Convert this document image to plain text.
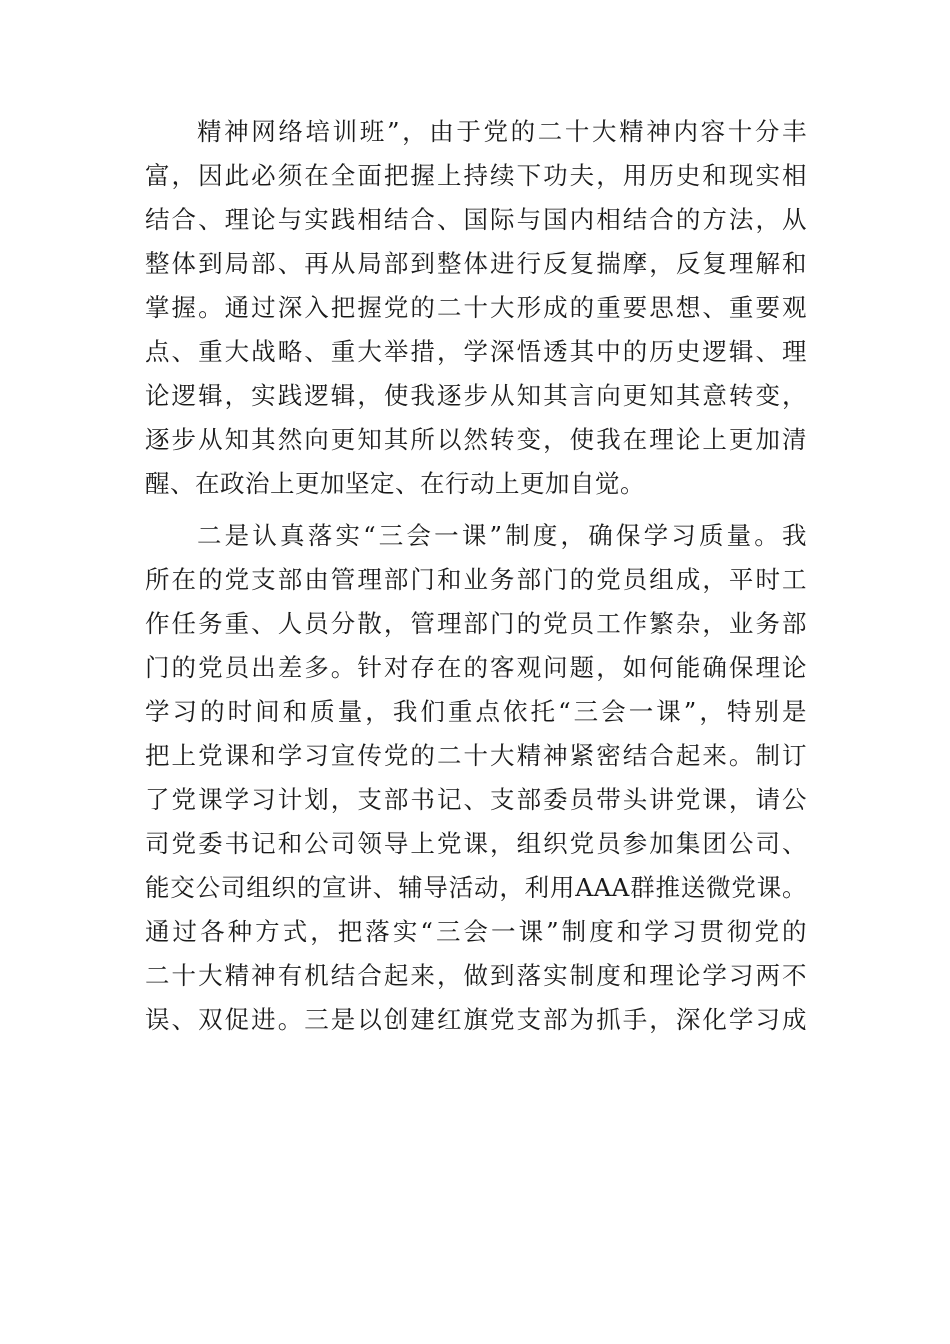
精神网络培训班”，由于党的二十大精神内容十分丰
富，因此必须在全面把握上持续下功夫，用历史和现实相
结合、理论与实践相结合、国际与国内相结合的方法，从
整体到局部、再从局部到整体进行反复揣摩，反复理解和
掌握。通过深入把握党的二十大形成的重要思想、重要观
点、重大战略、重大举措，学深悟透其中的历史逻辑、理
论逻辑，实践逻辑，使我逐步从知其言向更知其意转变，
逐步从知其然向更知其所以然转变，使我在理论上更加清
醒、在政治上更加坚定、在行动上更加自觉。
二是认真落实“三会一课”制度，确保学习质量。我
所在的党支部由管理部门和业务部门的党员组成，平时工
作任务重、人员分散，管理部门的党员工作繁杂，业务部
门的党员出差多。针对存在的客观问题，如何能确保理论
学习的时间和质量，我们重点依托“三会一课”，特别是
把上党课和学习宣传党的二十大精神紧密结合起来。制订
了党课学习计划，支部书记、支部委员带头讲党课，请公
司党委书记和公司领导上党课，组织党员参加集团公司、
能交公司组织的宣讲、辅导活动，利用AAA群推送微党课。
通过各种方式，把落实“三会一课”制度和学习贯彻党的
二十大精神有机结合起来，做到落实制度和理论学习两不
误、双促进。三是以创建红旗党支部为抓手，深化学习成
